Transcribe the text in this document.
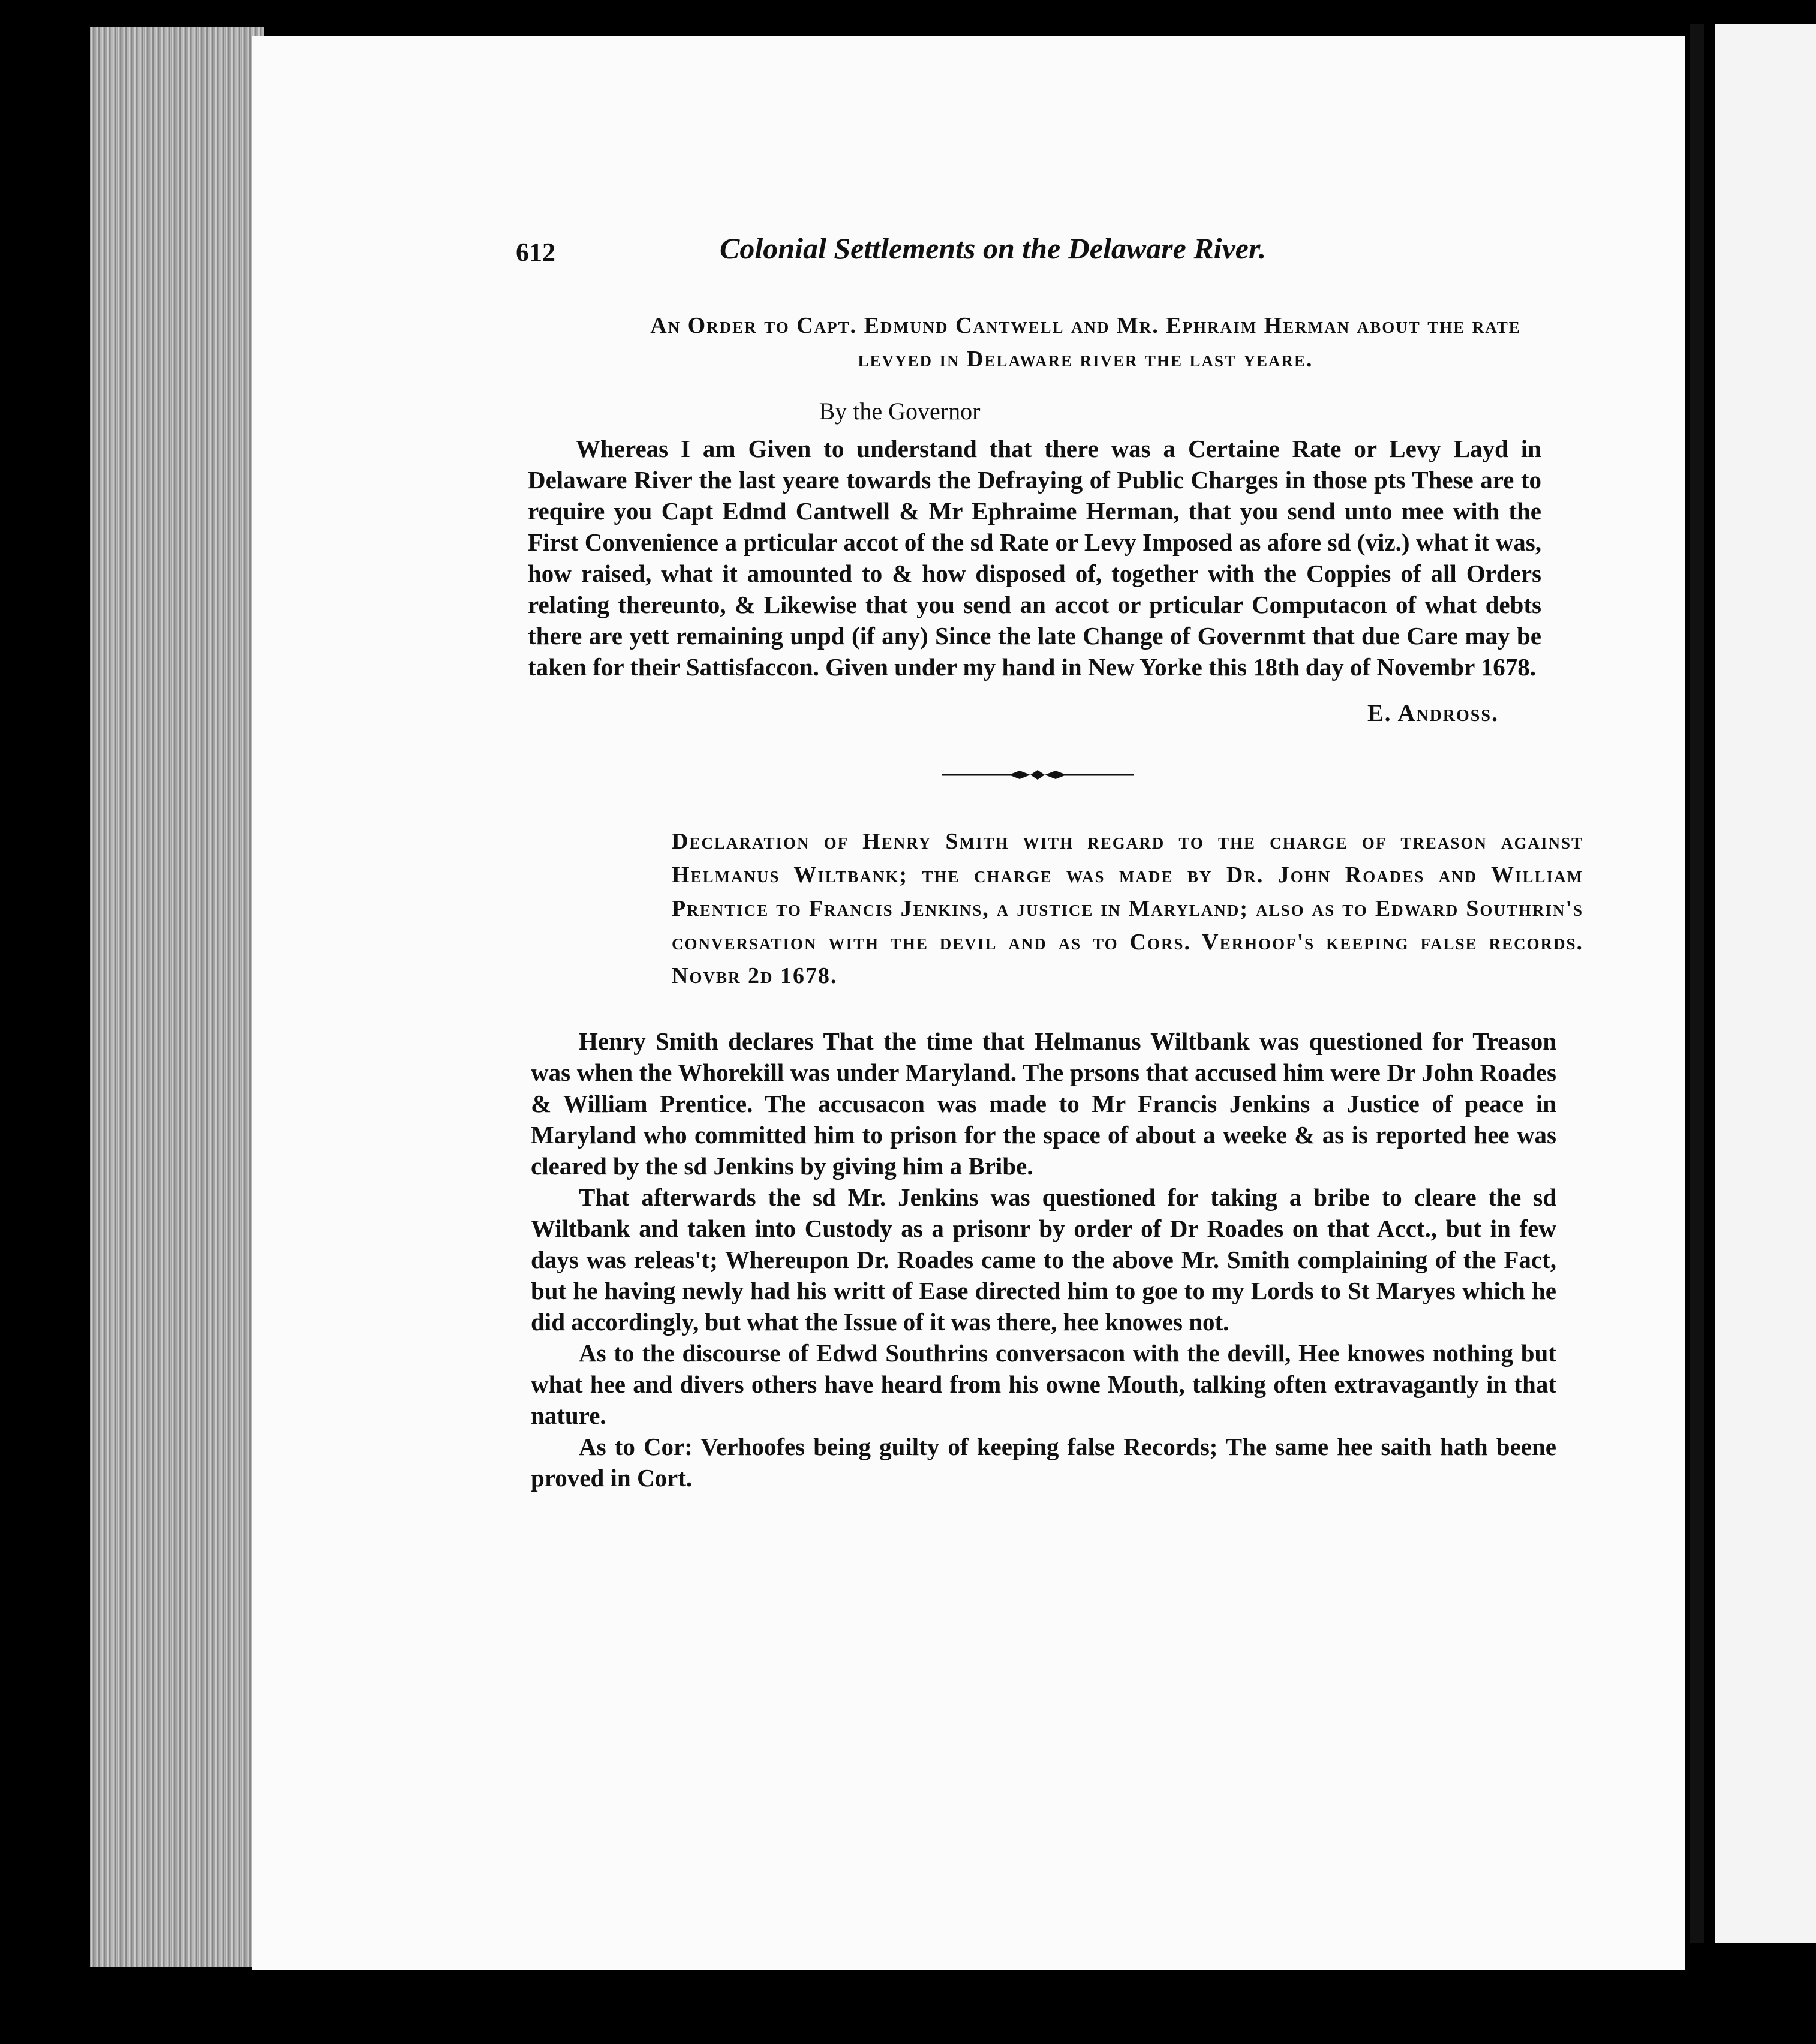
612	Colonial Settlements on the Delaware River.
An Order to Capt. Edmund Cantwell and Mr. Ephraim Herman about the rate levyed in Delaware river the last yeare.
By the Governor

Whereas I am Given to understand that there was a Certaine Rate or Levy Layd in Delaware River the last yeare towards the Defraying of Public Charges in those pts These are to require you Capt Edmd Cantwell & Mr Ephraime Herman, that you send unto mee with the First Convenience a prticular accot of the sd Rate or Levy Imposed as afore sd (viz.) what it was, how raised, what it amounted to & how disposed of, together with the Coppies of all Orders relating thereunto, & Likewise that you send an accot or prticular Computacon of what debts there are yett remaining unpd (if any) Since the late Change of Governmt that due Care may be taken for their Sattisfaccon. Given under my hand in New Yorke this 18th day of Novembr 1678.

E. Andross.
Declaration of Henry Smith with regard to the charge of treason against Helmanus Wiltbank; the charge was made by Dr. John Roades and William Prentice to Francis Jenkins, a justice in Maryland; also as to Edward Southrin's conversation with the devil and as to Cors. Verhoof's keeping false records. Novbr 2d 1678.

Henry Smith declares That the time that Helmanus Wiltbank was questioned for Treason was when the Whorekill was under Maryland. The prsons that accused him were Dr John Roades & William Prentice. The accusacon was made to Mr Francis Jenkins a Justice of peace in Maryland who committed him to prison for the space of about a weeke & as is reported hee was cleared by the sd Jenkins by giving him a Bribe.

That afterwards the sd Mr. Jenkins was questioned for taking a bribe to cleare the sd Wiltbank and taken into Custody as a prisonr by order of Dr Roades on that Acct., but in few days was releas't; Whereupon Dr. Roades came to the above Mr. Smith complaining of the Fact, but he having newly had his writt of Ease directed him to goe to my Lords to St Maryes which he did accordingly, but what the Issue of it was there, hee knowes not.

As to the discourse of Edwd Southrins conversacon with the devill, Hee knowes nothing but what hee and divers others have heard from his owne Mouth, talking often extravagantly in that nature.

As to Cor: Verhoofes being guilty of keeping false Records; The same hee saith hath beene proved in Cort.
